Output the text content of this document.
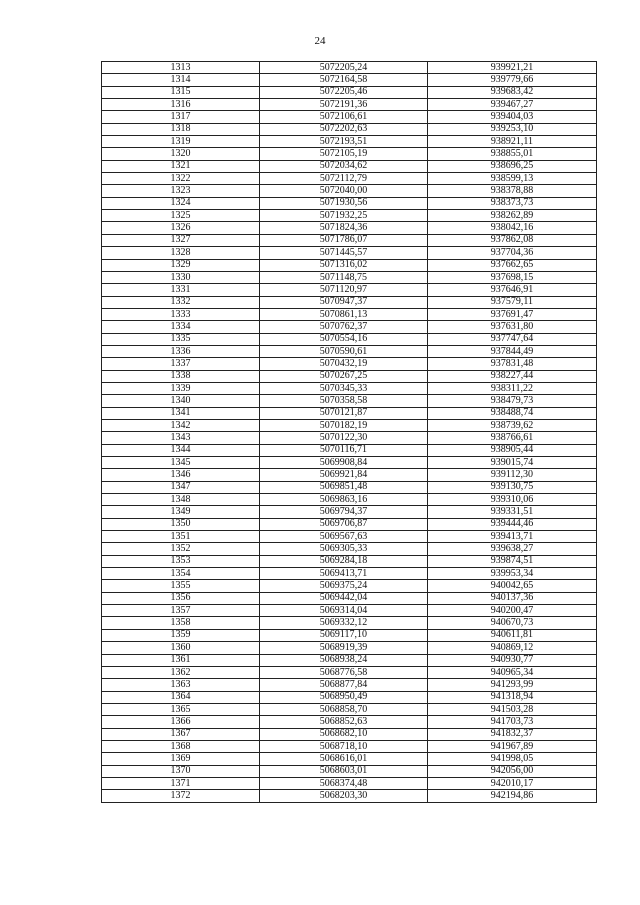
24
1313	5072205,24	939921,21
1314	5072164,58	939779,66
1315	5072205,46	939683,42
1316	5072191,36	939467,27
1317	5072106,61	939404,03
1318	5072202,63	939253,10
1319	5072193,51	938921,11
1320	5072105,19	938855,01
1321	5072034,62	938696,25
1322	5072112,79	938599,13
1323	5072040,00	938378,88
1324	5071930,56	938373,73
1325	5071932,25	938262,89
1326	5071824,36	938042,16
1327	5071786,07	937862,08
1328	5071445,57	937704,36
1329	5071316,02	937662,65
1330	5071148,75	937698,15
1331	5071120,97	937646,91
1332	5070947,37	937579,11
1333	5070861,13	937691,47
1334	5070762,37	937631,80
1335	5070554,16	937747,64
1336	5070590,61	937844,49
1337	5070432,19	937831,48
1338	5070267,25	938227,44
1339	5070345,33	938311,22
1340	5070358,58	938479,73
1341	5070121,87	938488,74
1342	5070182,19	938739,62
1343	5070122,30	938766,61
1344	5070116,71	938905,44
1345	5069908,84	939015,74
1346	5069921,84	939112,30
1347	5069851,48	939130,75
1348	5069863,16	939310,06
1349	5069794,37	939331,51
1350	5069706,87	939444,46
1351	5069567,63	939413,71
1352	5069305,33	939638,27
1353	5069284,18	939874,51
1354	5069413,71	939953,34
1355	5069375,24	940042,65
1356	5069442,04	940137,36
1357	5069314,04	940200,47
1358	5069332,12	940670,73
1359	5069117,10	940611,81
1360	5068919,39	940869,12
1361	5068938,24	940930,77
1362	5068776,58	940965,34
1363	5068877,84	941293,99
1364	5068950,49	941318,94
1365	5068858,70	941503,28
1366	5068852,63	941703,73
1367	5068682,10	941832,37
1368	5068718,10	941967,89
1369	5068616,01	941998,05
1370	5068603,01	942056,00
1371	5068374,48	942010,17
1372	5068203,30	942194,86
